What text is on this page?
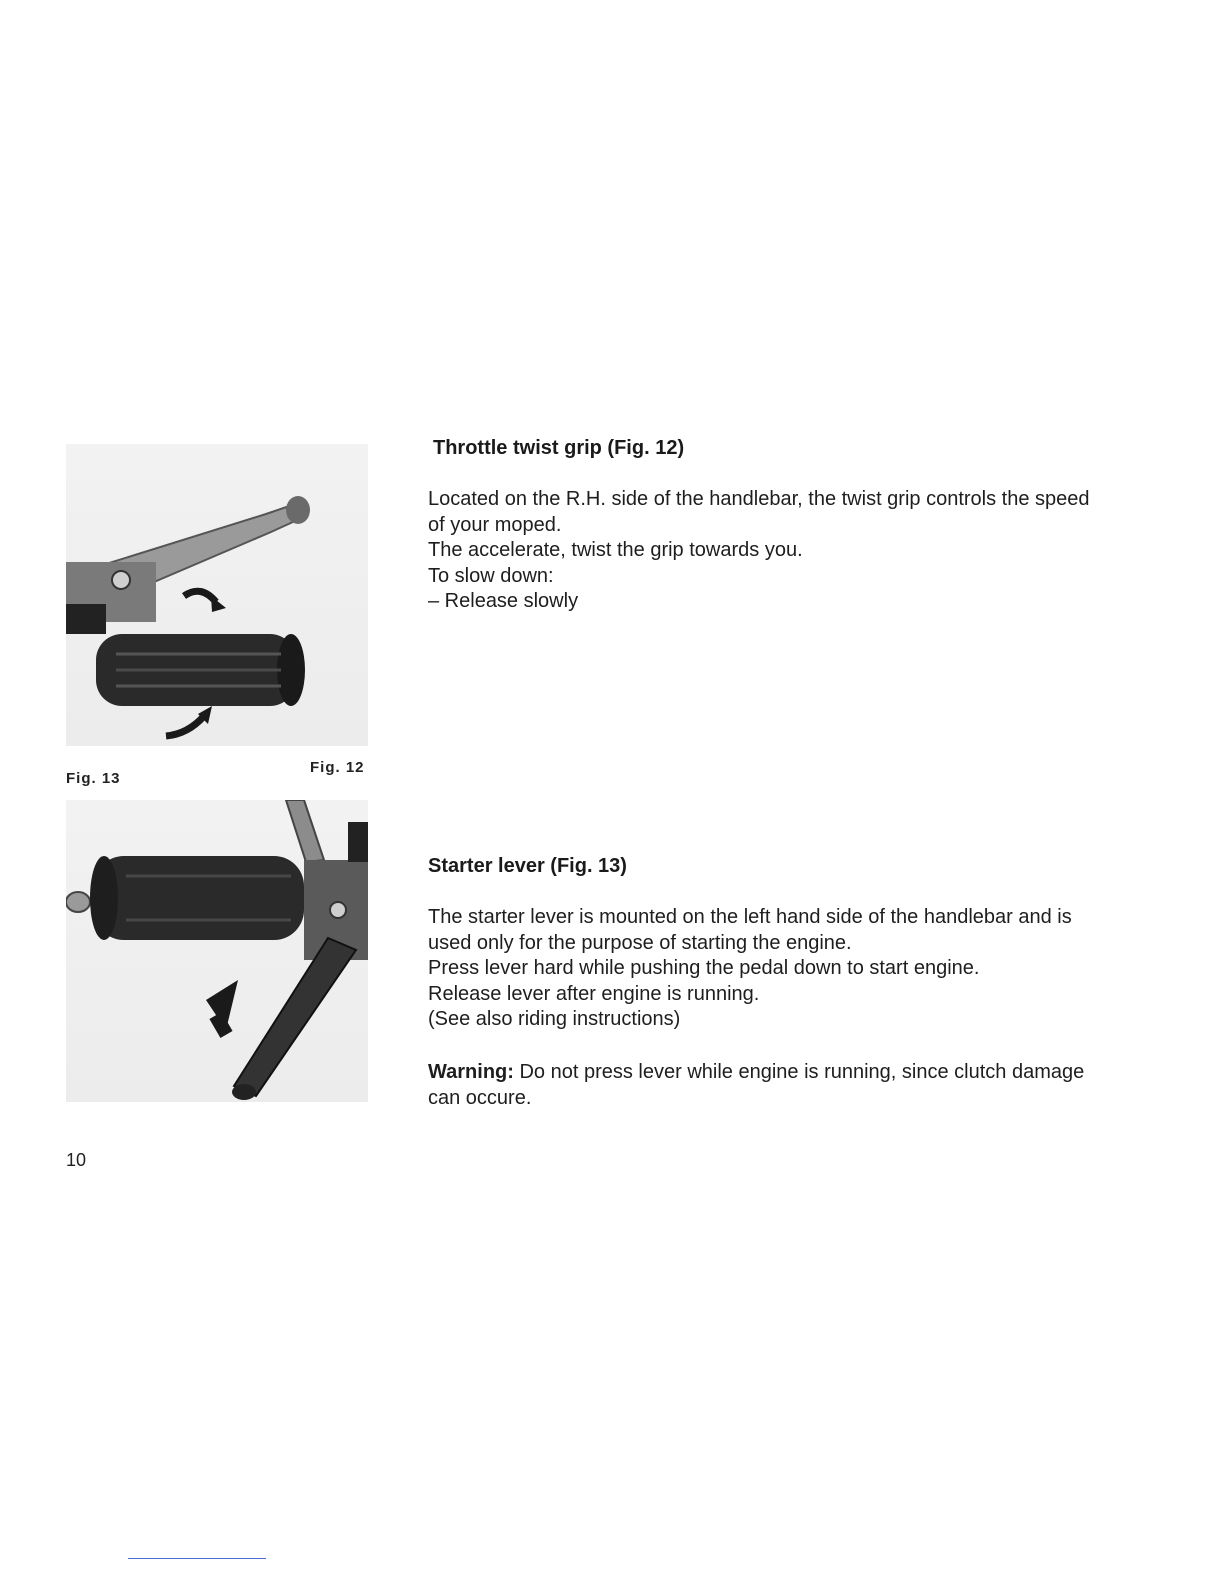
Fig. 13
Fig. 12
Throttle twist grip (Fig. 12)

Located on the R.H. side of the handlebar, the twist grip controls the speed
of your moped.
The accelerate, twist the grip towards you.
To slow down:
– Release slowly

Starter lever (Fig. 13)

The starter lever is mounted on the left hand side of the handlebar and is
used only for the purpose of starting the engine.
Press lever hard while pushing the pedal down to start engine.
Release lever after engine is running.
(See also riding instructions)

Warning: Do not press lever while engine is running, since clutch damage
can occure.

10
